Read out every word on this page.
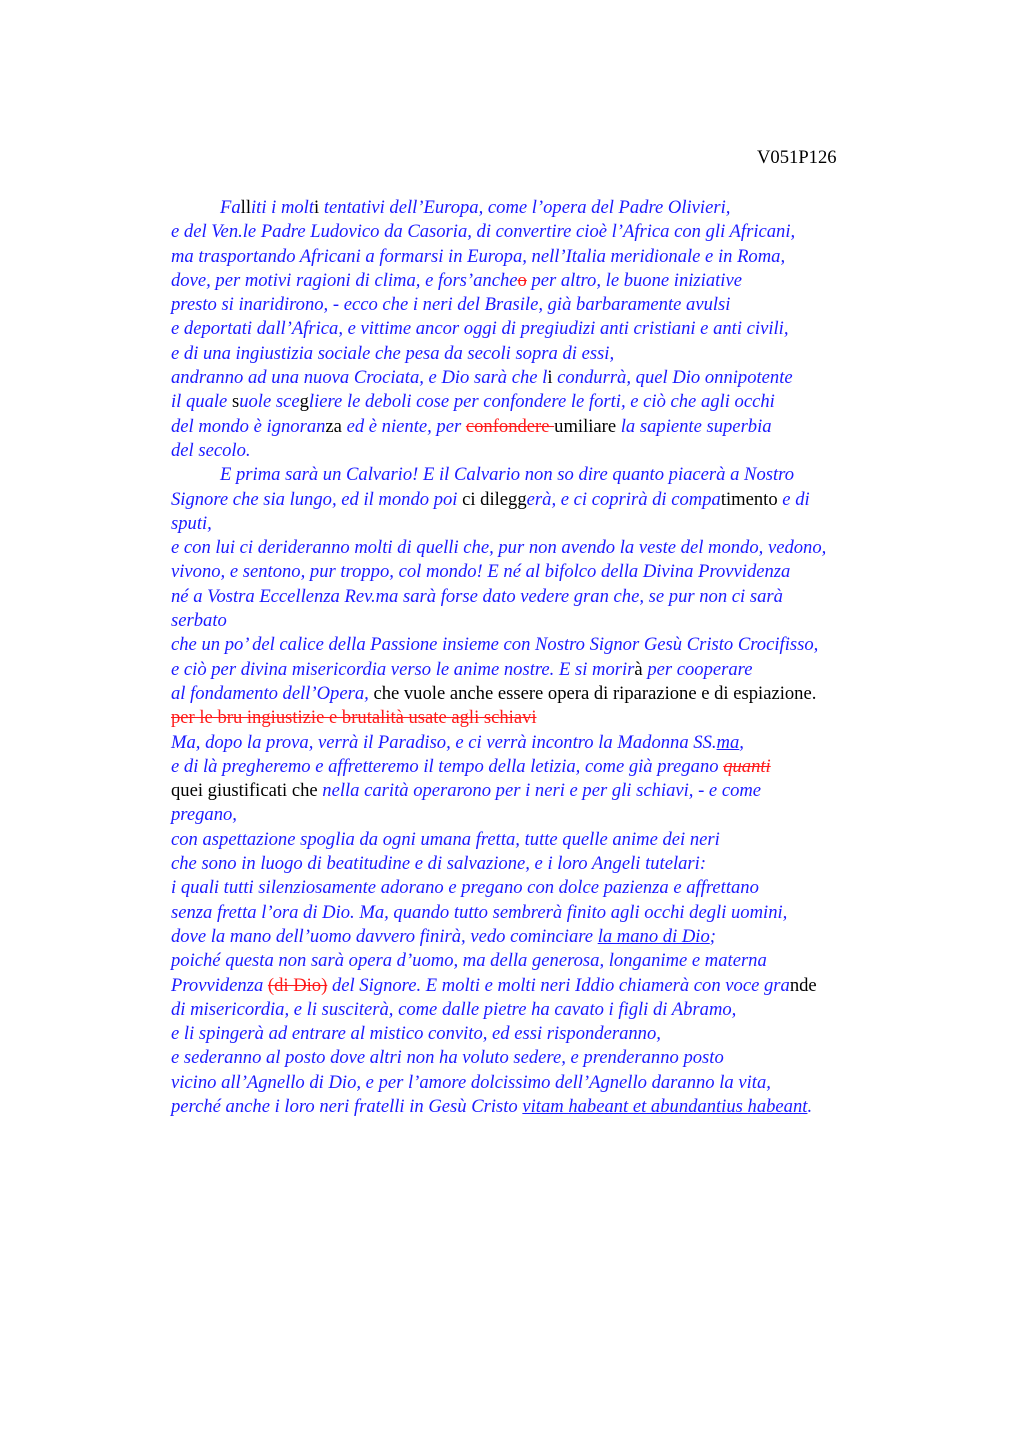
V051P126
Falliti i molti tentativi dell’Europa, come l’opera del Padre Olivieri,
e del Ven.le Padre Ludovico da Casoria, di convertire cioè l’Africa con gli Africani,
ma trasportando Africani a formarsi in Europa, nell’Italia meridionale e in Roma,
dove, per motivi ragioni di clima, e fors’ancheo per altro, le buone iniziative
presto si inaridirono, - ecco che i neri del Brasile, già barbaramente avulsi
e deportati dall’Africa, e vittime ancor oggi di pregiudizi anti cristiani e anti civili,
e di una ingiustizia sociale che pesa da secoli sopra di essi,
andranno ad una nuova Crociata, e Dio sarà che li condurrà, quel Dio onnipotente
il quale suole scegliere le deboli cose per confondere le forti, e ciò che agli occhi
del mondo è ignoranza ed è niente, per confondere umiliare la sapiente superbia
del secolo.
E prima sarà un Calvario! E il Calvario non so dire quanto piacerà a Nostro
Signore che sia lungo, ed il mondo poi ci dileggerà, e ci coprirà di compatimento e di
sputi,
e con lui ci derideranno molti di quelli che, pur non avendo la veste del mondo, vedono,
vivono, e sentono, pur troppo, col mondo! E né al bifolco della Divina Provvidenza
né a Vostra Eccellenza Rev.ma sarà forse dato vedere gran che, se pur non ci sarà
serbato
che un po’ del calice della Passione insieme con Nostro Signor Gesù Cristo Crocifisso,
e ciò per divina misericordia verso le anime nostre. E si morirà per cooperare
al fondamento dell’Opera, che vuole anche essere opera di riparazione e di espiazione.
per le bru ingiustizie e brutalità usate agli schiavi
Ma, dopo la prova, verrà il Paradiso, e ci verrà incontro la Madonna SS.ma,
e di là pregheremo e affretteremo il tempo della letizia, come già pregano quanti
quei giustificati che nella carità operarono per i neri e per gli schiavi, - e come
pregano,
con aspettazione spoglia da ogni umana fretta, tutte quelle anime dei neri
che sono in luogo di beatitudine e di salvazione, e i loro Angeli tutelari:
i quali tutti silenziosamente adorano e pregano con dolce pazienza e affrettano
senza fretta l’ora di Dio. Ma, quando tutto sembrerà finito agli occhi degli uomini,
dove la mano dell’uomo davvero finirà, vedo cominciare la mano di Dio;
poiché questa non sarà opera d’uomo, ma della generosa, longanime e materna
Provvidenza (di Dio) del Signore. E molti e molti neri Iddio chiamerà con voce grande
di misericordia, e li susciterà, come dalle pietre ha cavato i figli di Abramo,
e li spingerà ad entrare al mistico convito, ed essi risponderanno,
e sederanno al posto dove altri non ha voluto sedere, e prenderanno posto
vicino all’Agnello di Dio, e per l’amore dolcissimo dell’Agnello daranno la vita,
perché anche i loro neri fratelli in Gesù Cristo vitam habeant et abundantius habeant.
